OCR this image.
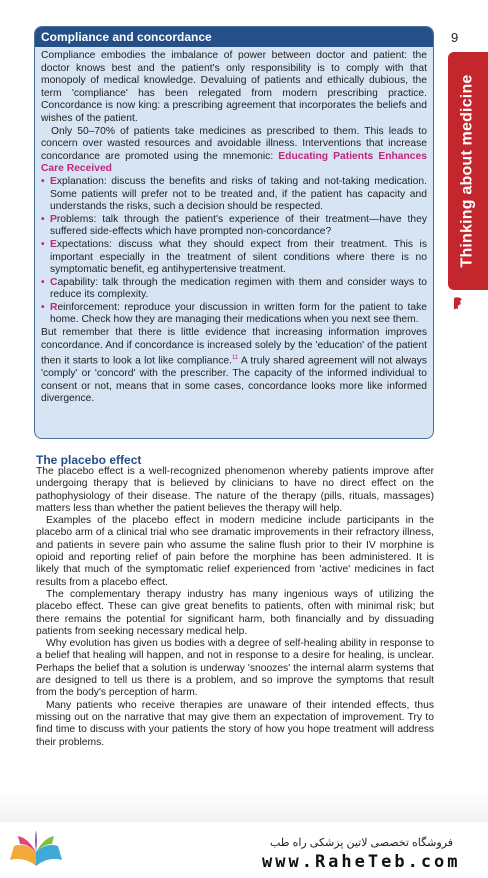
9
Thinking about medicine
Compliance and concordance

Compliance embodies the imbalance of power between doctor and patient: the doctor knows best and the patient's only responsibility is to comply with that monopoly of medical knowledge. Devaluing of patients and ethically dubious, the term 'compliance' has been relegated from modern prescribing practice. Concordance is now king: a prescribing agreement that incorporates the beliefs and wishes of the patient.

Only 50–70% of patients take medicines as prescribed to them. This leads to concern over wasted resources and avoidable illness. Interventions that increase concordance are promoted using the mnemonic: Educating Patients Enhances Care Received

• Explanation: discuss the benefits and risks of taking and not-taking medication. Some patients will prefer not to be treated and, if the patient has capacity and understands the risks, such a decision should be respected.
• Problems: talk through the patient's experience of their treatment—have they suffered side-effects which have prompted non-concordance?
• Expectations: discuss what they should expect from their treatment. This is important especially in the treatment of silent conditions where there is no symptomatic benefit, eg antihypertensive treatment.
• Capability: talk through the medication regimen with them and consider ways to reduce its complexity.
• Reinforcement: reproduce your discussion in written form for the patient to take home. Check how they are managing their medications when you next see them.

But remember that there is little evidence that increasing information improves concordance. And if concordance is increased solely by the 'education' of the patient then it starts to look a lot like compliance.$^{11}$ A truly shared agreement will not always 'comply' or 'concord' with the prescriber. The capacity of the informed individual to consent or not, means that in some cases, concordance looks more like informed divergence.

The placebo effect

The placebo effect is a well-recognized phenomenon whereby patients improve after undergoing therapy that is believed by clinicians to have no direct effect on the pathophysiology of their disease. The nature of the therapy (pills, rituals, massages) matters less than whether the patient believes the therapy will help.

Examples of the placebo effect in modern medicine include participants in the placebo arm of a clinical trial who see dramatic improvements in their refractory illness, and patients in severe pain who assume the saline flush prior to their IV morphine is opioid and reporting relief of pain before the morphine has been administered. It is likely that much of the symptomatic relief experienced from 'active' medicines in fact results from a placebo effect.

The complementary therapy industry has many ingenious ways of utilizing the placebo effect. These can give great benefits to patients, often with minimal risk; but there remains the potential for significant harm, both financially and by dissuading patients from seeking necessary medical help.

Why evolution has given us bodies with a degree of self-healing ability in response to a belief that healing will happen, and not in response to a desire for healing, is unclear. Perhaps the belief that a solution is underway 'snoozes' the internal alarm systems that are designed to tell us there is a problem, and so improve the symptoms that result from the body's perception of harm.

Many patients who receive therapies are unaware of their intended effects, thus missing out on the narrative that may give them an expectation of improvement. Try to find time to discuss with your patients the story of how you hope treatment will address their problems.

فروشگاه تخصصی لاتین پزشکی راه طب
www.RaheTeb.com
